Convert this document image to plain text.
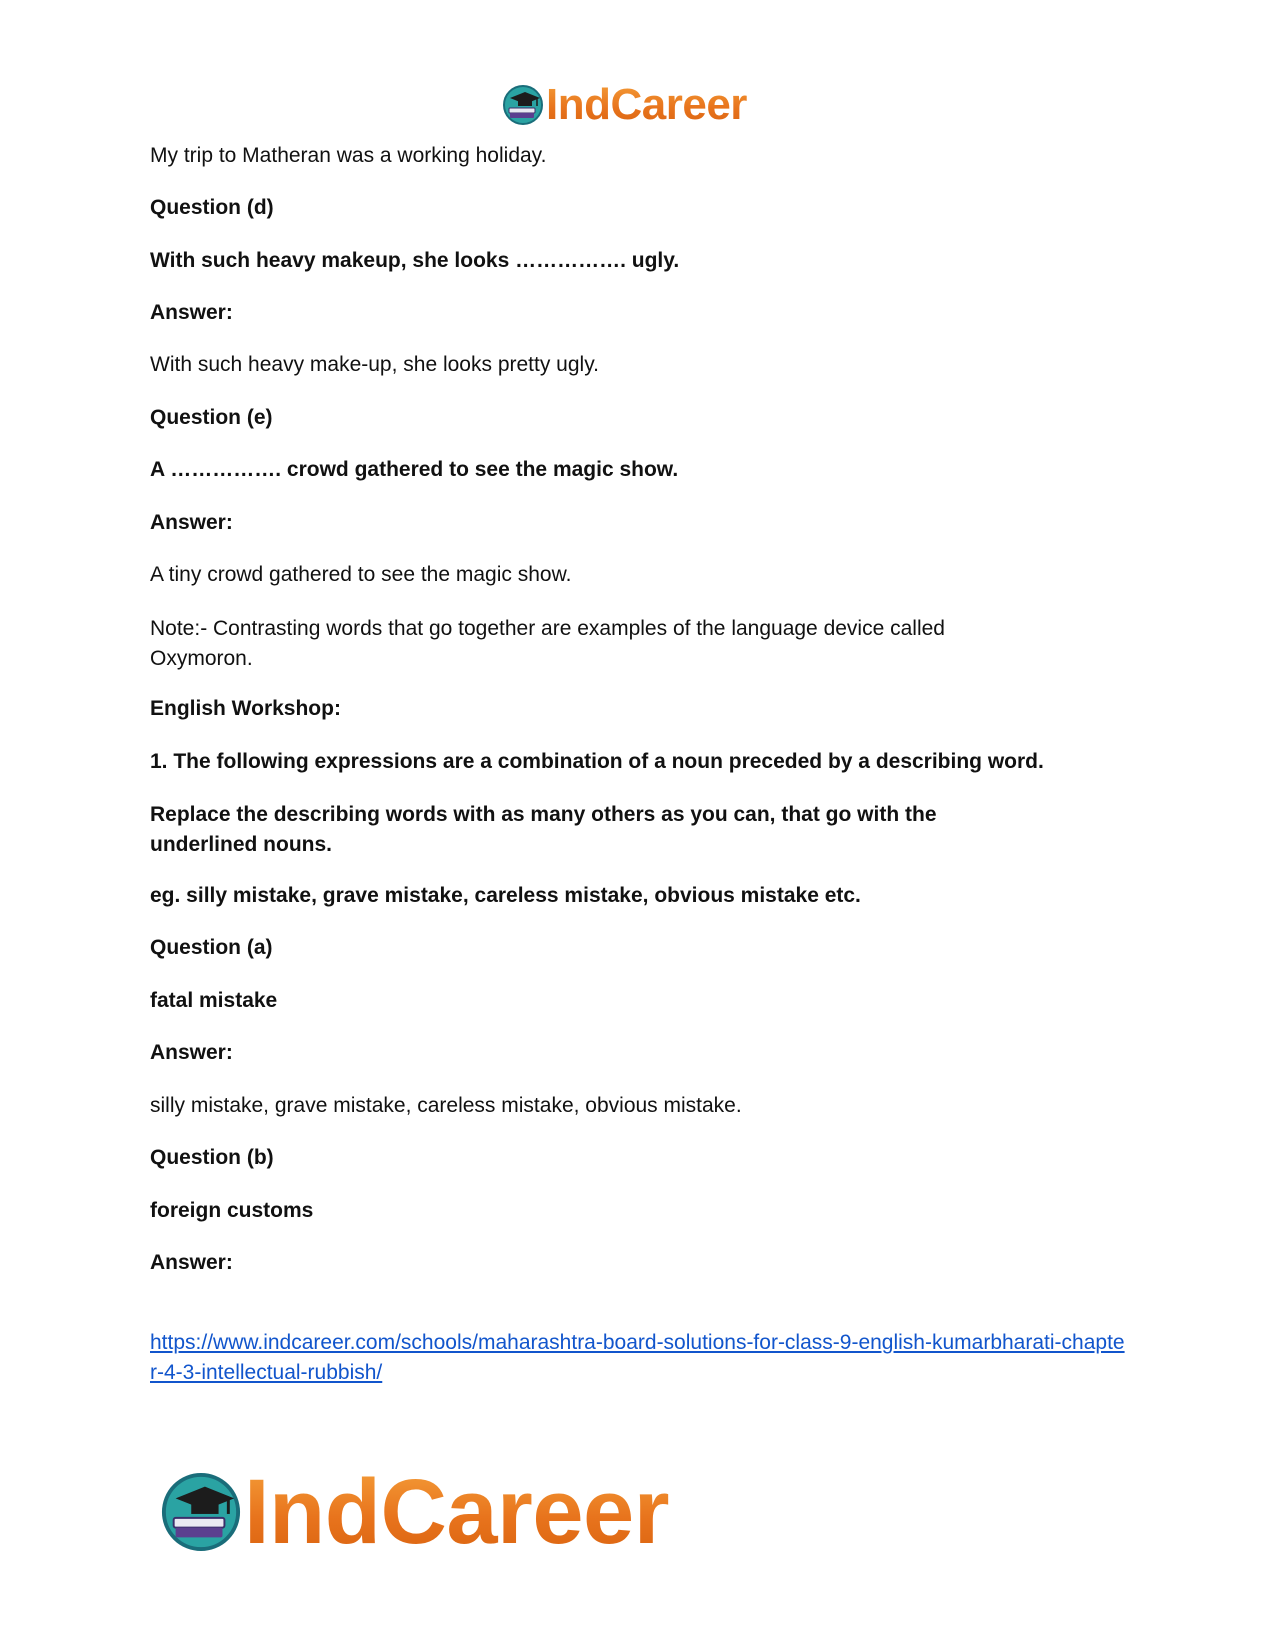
IndCareer

My trip to Matheran was a working holiday.

Question (d)

With such heavy makeup, she looks ……………. ugly.

Answer:

With such heavy make-up, she looks pretty ugly.

Question (e)

A ……………. crowd gathered to see the magic show.

Answer:

A tiny crowd gathered to see the magic show.

Note:- Contrasting words that go together are examples of the language device called Oxymoron.

English Workshop:

1. The following expressions are a combination of a noun preceded by a describing word.

Replace the describing words with as many others as you can, that go with the underlined nouns.

eg. silly mistake, grave mistake, careless mistake, obvious mistake etc.

Question (a)

fatal mistake

Answer:

silly mistake, grave mistake, careless mistake, obvious mistake.

Question (b)

foreign customs

Answer:

https://www.indcareer.com/schools/maharashtra-board-solutions-for-class-9-english-kumarbharati-chapter-4-3-intellectual-rubbish/
IndCareer
